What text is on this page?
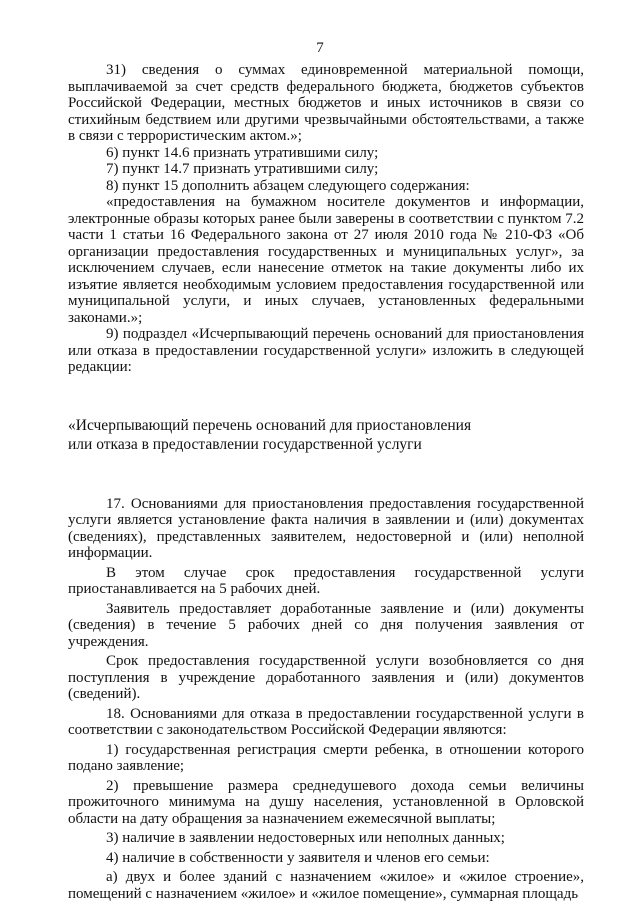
7

31) сведения о суммах единовременной материальной помощи, выплачиваемой за счет средств федерального бюджета, бюджетов субъектов Российской Федерации, местных бюджетов и иных источников в связи со стихийным бедствием или другими чрезвычайными обстоятельствами, а также в связи с террористическим актом.»;

6) пункт 14.6 признать утратившими силу;

7) пункт 14.7 признать утратившими силу;

8) пункт 15 дополнить абзацем следующего содержания:

«предоставления на бумажном носителе документов и информации, электронные образы которых ранее были заверены в соответствии с пунктом 7.2 части 1 статьи 16 Федерального закона от 27 июля 2010 года № 210-ФЗ «Об организации предоставления государственных и муниципальных услуг», за исключением случаев, если нанесение отметок на такие документы либо их изъятие является необходимым условием предоставления государственной или муниципальной услуги, и иных случаев, установленных федеральными законами.»;

9) подраздел «Исчерпывающий перечень оснований для приостановления или отказа в предоставлении государственной услуги» изложить в следующей редакции:

«Исчерпывающий перечень оснований для приостановления
или отказа в предоставлении государственной услуги

17. Основаниями для приостановления предоставления государственной услуги является установление факта наличия в заявлении и (или) документах (сведениях), представленных заявителем, недостоверной и (или) неполной информации.

В этом случае срок предоставления государственной услуги приостанавливается на 5 рабочих дней.

Заявитель предоставляет доработанные заявление и (или) документы (сведения) в течение 5 рабочих дней со дня получения заявления от учреждения.

Срок предоставления государственной услуги возобновляется со дня поступления в учреждение доработанного заявления и (или) документов (сведений).

18. Основаниями для отказа в предоставлении государственной услуги в соответствии с законодательством Российской Федерации являются:

1) государственная регистрация смерти ребенка, в отношении которого подано заявление;

2) превышение размера среднедушевого дохода семьи величины прожиточного минимума на душу населения, установленной в Орловской области на дату обращения за назначением ежемесячной выплаты;

3) наличие в заявлении недостоверных или неполных данных;

4) наличие в собственности у заявителя и членов его семьи:

а) двух и более зданий с назначением «жилое» и «жилое строение», помещений с назначением «жилое» и «жилое помещение», суммарная площадь
